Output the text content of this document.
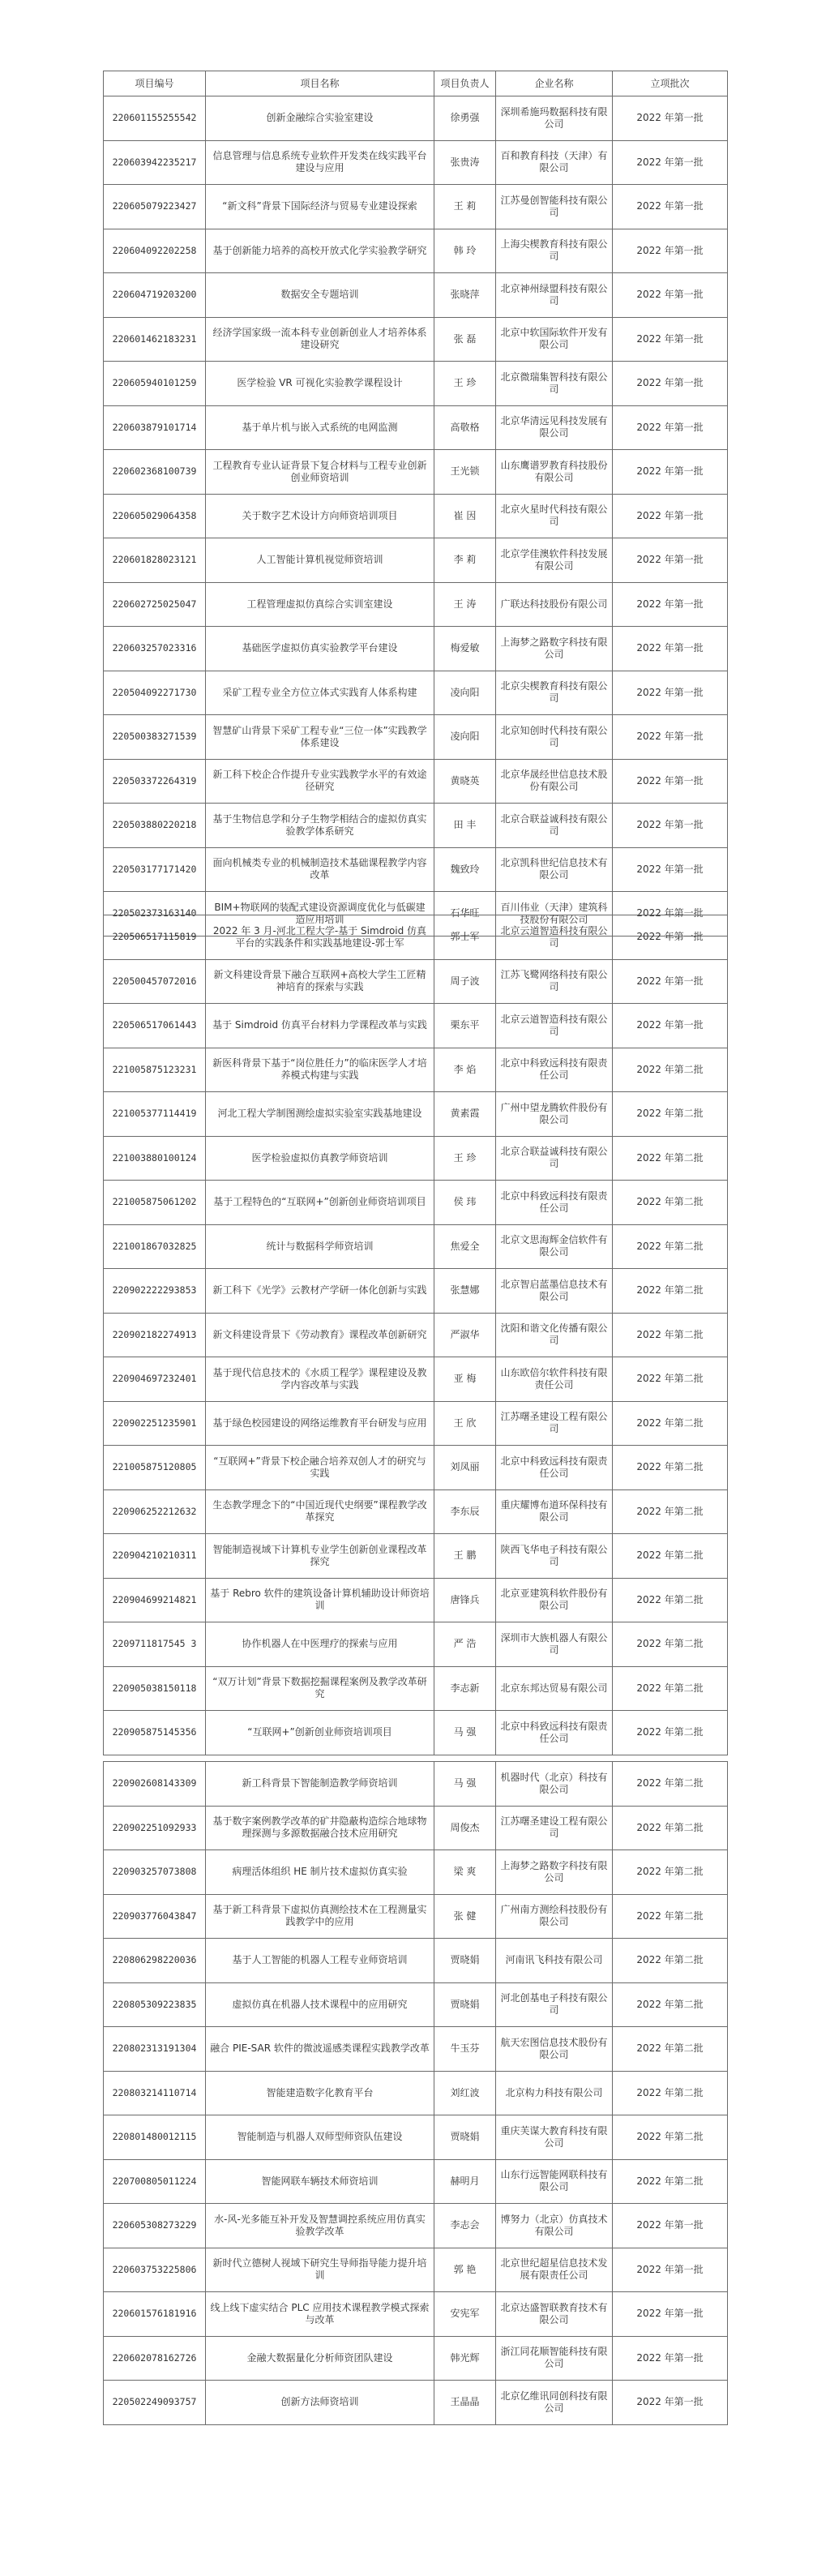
项目编号	项目名称	项目负责人	企业名称	立项批次
220601155255542	创新金融综合实验室建设	徐勇强	深圳希施玛数据科技有限公司	2022 年第一批
220603942235217	信息管理与信息系统专业软件开发类在线实践平台建设与应用	张贵涛	百和教育科技（天津）有限公司	2022 年第一批
220605079223427	“新文科”背景下国际经济与贸易专业建设探索	王 莉	江苏曼创智能科技有限公司	2022 年第一批
220604092202258	基于创新能力培养的高校开放式化学实验教学研究	韩 玲	上海尖楔教育科技有限公司	2022 年第一批
220604719203200	数据安全专题培训	张晓萍	北京神州绿盟科技有限公司	2022 年第一批
220601462183231	经济学国家级一流本科专业创新创业人才培养体系建设研究	张 磊	北京中软国际软件开发有限公司	2022 年第一批
220605940101259	医学检验 VR 可视化实验教学课程设计	王 珍	北京微瑞集智科技有限公司	2022 年第一批
220603879101714	基于单片机与嵌入式系统的电网监测	高敬格	北京华清远见科技发展有限公司	2022 年第一批
220602368100739	工程教育专业认证背景下复合材料与工程专业创新创业师资培训	王光锁	山东鹰谱罗教育科技股份有限公司	2022 年第一批
220605029064358	关于数字艺术设计方向师资培训项目	崔 因	北京火星时代科技有限公司	2022 年第一批
220601828023121	人工智能计算机视觉师资培训	李 莉	北京学佳澳软件科技发展有限公司	2022 年第一批
220602725025047	工程管理虚拟仿真综合实训室建设	王 涛	广联达科技股份有限公司	2022 年第一批
220603257023316	基础医学虚拟仿真实验教学平台建设	梅爱敏	上海梦之路数字科技有限公司	2022 年第一批
220504092271730	采矿工程专业全方位立体式实践育人体系构建	凌向阳	北京尖楔教育科技有限公司	2022 年第一批
220500383271539	智慧矿山背景下采矿工程专业“三位一体”实践教学体系建设	凌向阳	北京知创时代科技有限公司	2022 年第一批
220503372264319	新工科下校企合作提升专业实践教学水平的有效途径研究	黄晓英	北京华晟经世信息技术股份有限公司	2022 年第一批
220503880220218	基于生物信息学和分子生物学相结合的虚拟仿真实验教学体系研究	田 丰	北京合联益诚科技有限公司	2022 年第一批
220503177171420	面向机械类专业的机械制造技术基础课程教学内容改革	魏致玲	北京凯科世纪信息技术有限公司	2022 年第一批
220502373163140	BIM+物联网的装配式建设资源调度优化与低碳建造应用培训	石华旺	百川伟业（天津）建筑科技股份有限公司	2022 年第一批
220506517115819	2022 年 3 月-河北工程大学-基于 Simdroid 仿真平台的实践条件和实践基地建设-郭士军	郭士军	北京云道智造科技有限公司	2022 年第一批
220500457072016	新文科建设背景下融合互联网+高校大学生工匠精神培育的探索与实践	周子波	江苏飞鹭网络科技有限公司	2022 年第一批
220506517061443	基于 Simdroid 仿真平台材料力学课程改革与实践	栗东平	北京云道智造科技有限公司	2022 年第一批
221005875123231	新医科背景下基于“岗位胜任力”的临床医学人才培养模式构建与实践	李 焰	北京中科致远科技有限责任公司	2022 年第二批
221005377114419	河北工程大学制图测绘虚拟实验室实践基地建设	黄素霞	广州中望龙腾软件股份有限公司	2022 年第二批
221003880100124	医学检验虚拟仿真教学师资培训	王 珍	北京合联益诚科技有限公司	2022 年第二批
221005875061202	基于工程特色的“互联网+”创新创业师资培训项目	侯 玮	北京中科致远科技有限责任公司	2022 年第二批
221001867032825	统计与数据科学师资培训	焦爱全	北京文思海辉金信软件有限公司	2022 年第二批
220902222293853	新工科下《光学》云教材产学研一体化创新与实践	张慧娜	北京智启蓝墨信息技术有限公司	2022 年第二批
220902182274913	新文科建设背景下《劳动教育》课程改革创新研究	严淑华	沈阳和谐文化传播有限公司	2022 年第二批
220904697232401	基于现代信息技术的《水质工程学》课程建设及教学内容改革与实践	亚 梅	山东欧倍尔软件科技有限责任公司	2022 年第二批
220902251235901	基于绿色校园建设的网络运维教育平台研发与应用	王 欣	江苏曙圣建设工程有限公司	2022 年第二批
221005875120805	“互联网+”背景下校企融合培养双创人才的研究与实践	刘凤丽	北京中科致远科技有限责任公司	2022 年第二批
220906252212632	生态教学理念下的“中国近现代史纲要”课程教学改革探究	李东辰	重庆耀博布道环保科技有限公司	2022 年第二批
220904210210311	智能制造视域下计算机专业学生创新创业课程改革探究	王 鹏	陕西飞华电子科技有限公司	2022 年第二批
220904699214821	基于 Rebro 软件的建筑设备计算机辅助设计师资培训	唐锋兵	北京亚建筑科软件股份有限公司	2022 年第二批
2209711817545 3	协作机器人在中医理疗的探索与应用	严 浩	深圳市大族机器人有限公司	2022 年第二批
220905038150118	“双万计划”背景下数据挖掘课程案例及教学改革研究	李志新	北京东邦达贸易有限公司	2022 年第二批
220905875145356	“互联网+”创新创业师资培训项目	马 强	北京中科致远科技有限责任公司	2022 年第二批
220902608143309	新工科背景下智能制造教学师资培训	马 强	机器时代（北京）科技有限公司	2022 年第二批
220902251092933	基于数字案例教学改革的矿井隐蔽构造综合地球物理探测与多源数据融合技术应用研究	周俊杰	江苏曙圣建设工程有限公司	2022 年第二批
220903257073808	病理活体组织 HE 制片技术虚拟仿真实验	梁 爽	上海梦之路数字科技有限公司	2022 年第二批
220903776043847	基于新工科背景下虚拟仿真测绘技术在工程测量实践教学中的应用	张 健	广州南方测绘科技股份有限公司	2022 年第二批
220806298220036	基于人工智能的机器人工程专业师资培训	贾晓娟	河南讯飞科技有限公司	2022 年第二批
220805309223835	虚拟仿真在机器人技术课程中的应用研究	贾晓娟	河北创基电子科技有限公司	2022 年第二批
220802313191304	融合 PIE-SAR 软件的微波遥感类课程实践教学改革	牛玉芬	航天宏图信息技术股份有限公司	2022 年第二批
220803214110714	智能建造数字化教育平台	刘红波	北京构力科技有限公司	2022 年第二批
220801480012115	智能制造与机器人双师型师资队伍建设	贾晓娟	重庆芙谋大教育科技有限公司	2022 年第二批
220700805011224	智能网联车辆技术师资培训	赫明月	山东行远智能网联科技有限公司	2022 年第二批
220605308273229	水-风-光多能互补开发及智慧调控系统应用仿真实验教学改革	李志会	博努力（北京）仿真技术有限公司	2022 年第一批
220603753225806	新时代立德树人视域下研究生导师指导能力提升培训	郭 艳	北京世纪超星信息技术发展有限责任公司	2022 年第一批
220601576181916	线上线下虚实结合 PLC 应用技术课程教学模式探索与改革	安宪军	北京达盛智联教育技术有限公司	2022 年第一批
220602078162726	金融大数据量化分析师资团队建设	韩光辉	浙江同花顺智能科技有限公司	2022 年第一批
220502249093757	创新方法师资培训	王晶晶	北京亿维讯同创科技有限公司	2022 年第一批
